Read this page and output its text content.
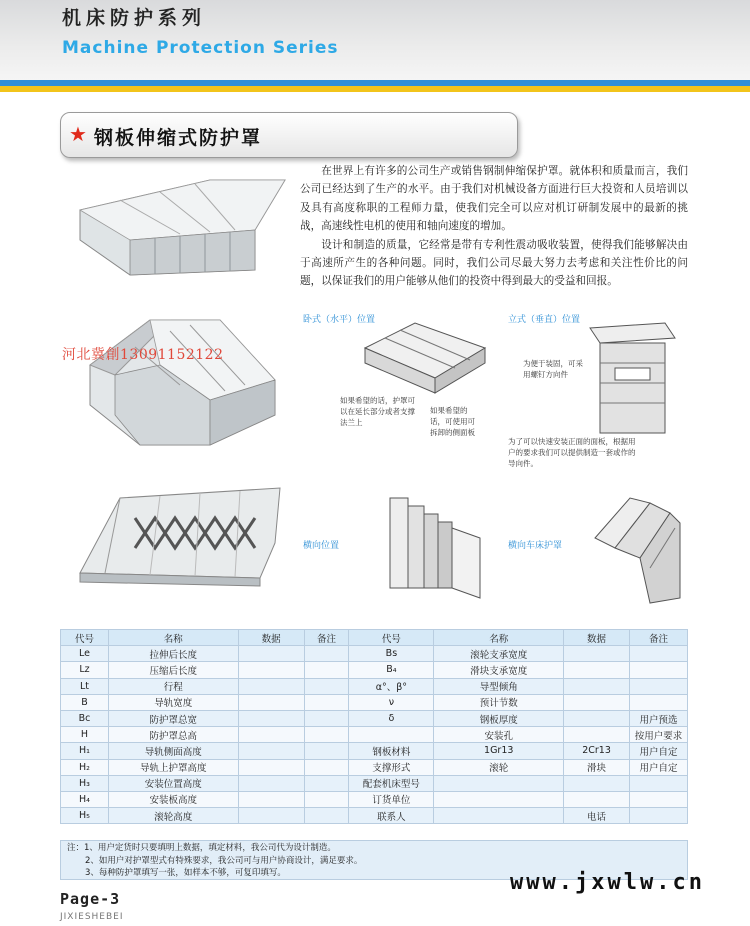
机床防护系列
Machine Protection Series
★ 钢板伸缩式防护罩
河北冀創13091152122

在世界上有许多的公司生产或销售钢制伸缩保护罩。就体积和质量而言，我们公司已经达到了生产的水平。由于我们对机械设备方面进行巨大投资和人员培训以及具有高度称职的工程师力量，使我们完全可以应对机订研制发展中的最新的挑战，高速线性电机的使用和轴向速度的增加。

设计和制造的质量，它经常是带有专利性震动吸收装置，使得我们能够解决由于高速所产生的各种问题。同时，我们公司尽最大努力去考虑和关注性价比的问题，以保证我们的用户能够从他们的投资中得到最大的受益和回报。

卧式（水平）位置	立式（垂直）位置
横向位置	横向车床护罩
如果希望的话，护罩可以在延长部分或者支撑法兰上
如果希望的话，可使用可拆卸的侧面板
为便于装固，可采用螺钉方向件
为了可以快速安装正面的面板，根据用户的要求我们可以提供制造一套或作的导向件。
代号	名称	数据	备注	代号	名称	数据	备注
Le	拉伸后长度			Bs	滚轮支承宽度		
Lz	压缩后长度			B₄	滑块支承宽度		
Lt	行程			α°、β°	导型倾角		
B	导轨宽度			ν	预计节数		
Bc	防护罩总宽			δ	钢板厚度		用户预选
H	防护罩总高				安装孔		按用户要求
H₁	导轨侧面高度			钢板材料	1Gr13	2Cr13	用户自定
H₂	导轨上护罩高度			支撑形式	滚轮	滑块	用户自定
H₃	安装位置高度			配套机床型号			
H₄	安装板高度			订货单位			
H₅	滚轮高度			联系人		电话	
注：1、用户定货时只要填明上数据，填定材料，我公司代为设计制造。
2、如用户对护罩型式有特殊要求，我公司可与用户协商设计，满足要求。
3、每种防护罩填写一张，如样本不够，可复印填写。
Page-3
JIXIESHEBEI
www.jxwlw.cn
